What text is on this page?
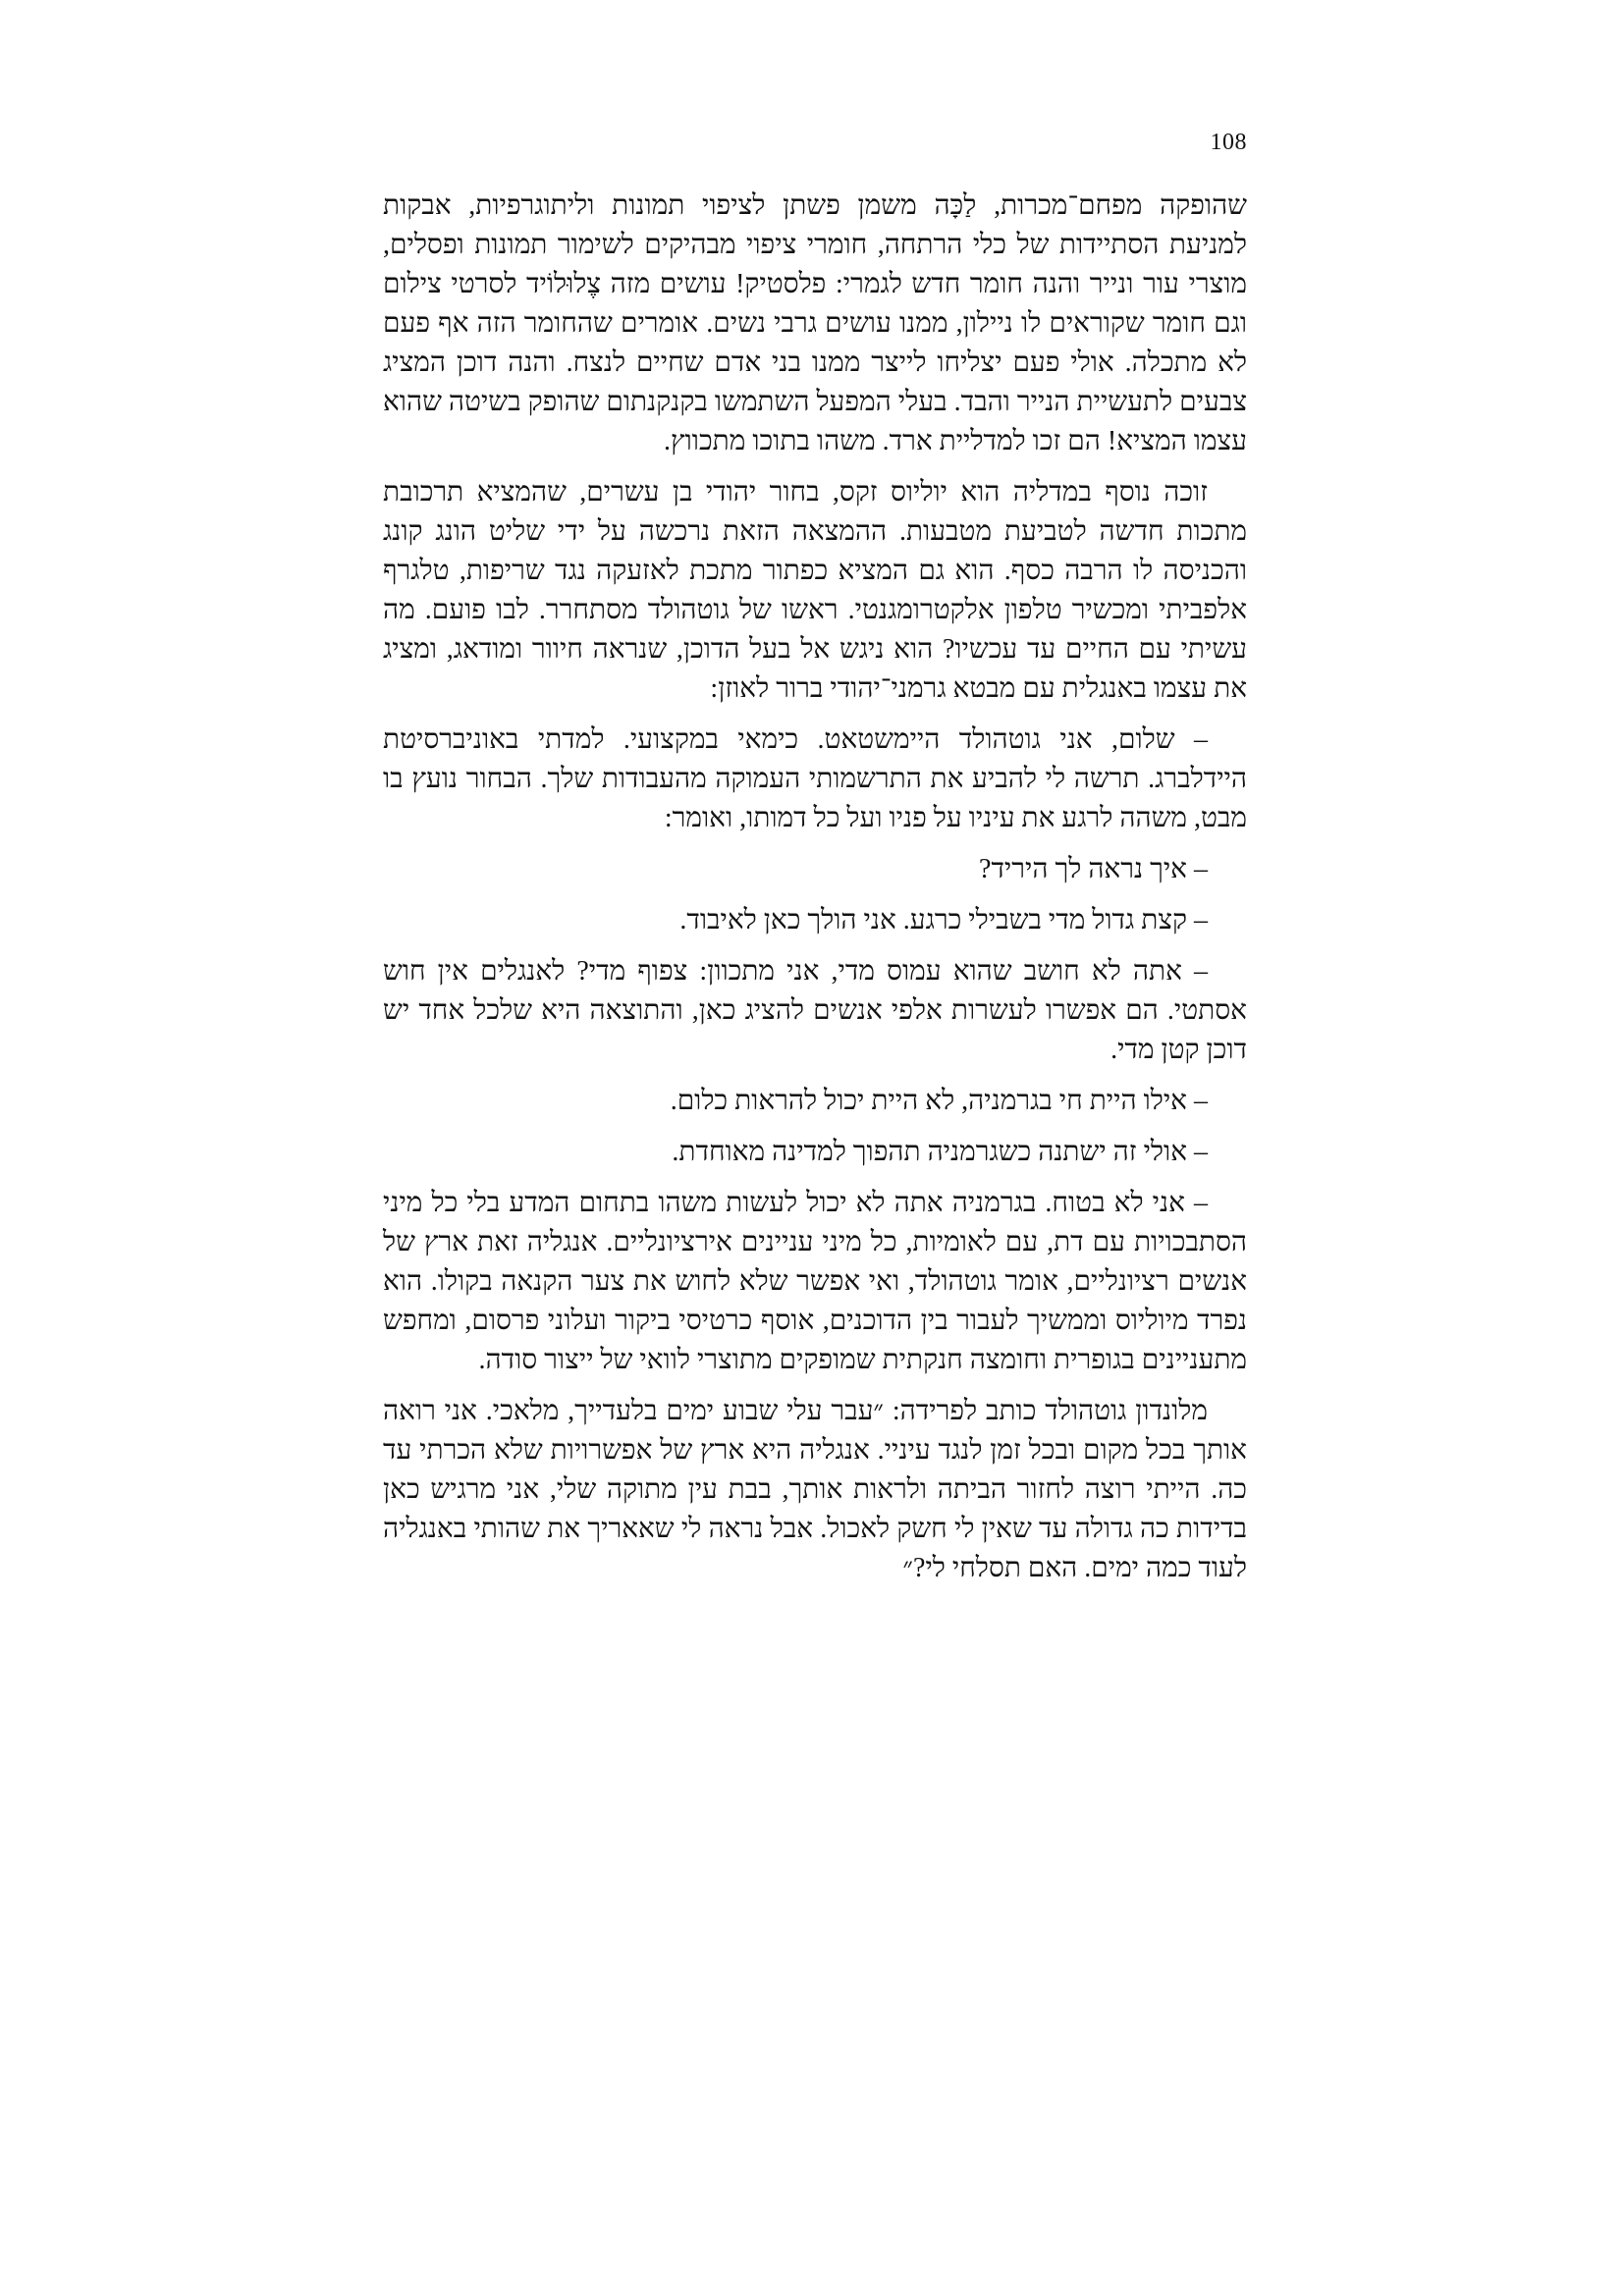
108

שהופקה מפחם־מכרות, לַכָּה משמן פשתן לציפוי תמונות וליתוגרפיות, אבקות למניעת הסתיידות של כלי הרתחה, חומרי ציפוי מבהיקים לשימור תמונות ופסלים, מוצרי עור ונייר והנה חומר חדש לגמרי: פלסטיק! עושים מזה צֶלוּלוֹיד לסרטי צילום וגם חומר שקוראים לו ניילון, ממנו עושים גרבי נשים. אומרים שהחומר הזה אף פעם לא מתכלה. אולי פעם יצליחו לייצר ממנו בני אדם שחיים לנצח. והנה דוכן המציג צבעים לתעשיית הנייר והבד. בעלי המפעל השתמשו בקנקנתום שהופק בשיטה שהוא עצמו המציא! הם זכו למדליית ארד. משהו בתוכו מתכווץ.

זוכה נוסף במדליה הוא יוליוס זקס, בחור יהודי בן עשרים, שהמציא תרכובת מתכות חדשה לטביעת מטבעות. ההמצאה הזאת נרכשה על ידי שליט הונג קונג והכניסה לו הרבה כסף. הוא גם המציא כפתור מתכת לאזעקה נגד שריפות, טלגרף אלפביתי ומכשיר טלפון אלקטרומגנטי. ראשו של גוטהולד מסתחרר. לבו פועם. מה עשיתי עם החיים עד עכשיו? הוא ניגש אל בעל הדוכן, שנראה חיוור ומודאג, ומציג את עצמו באנגלית עם מבטא גרמני־יהודי ברור לאוזן:

– שלום, אני גוטהולד היימשטאט. כימאי במקצועי. למדתי באוניברסיטת היידלברג. תרשה לי להביע את התרשמותי העמוקה מהעבודות שלך. הבחור נועץ בו מבט, משהה לרגע את עיניו על פניו ועל כל דמותו, ואומר:

– איך נראה לך היריד?

– קצת גדול מדי בשבילי כרגע. אני הולך כאן לאיבוד.

– אתה לא חושב שהוא עמוס מדי, אני מתכוון: צפוף מדי? לאנגלים אין חוש אסתטי. הם אפשרו לעשרות אלפי אנשים להציג כאן, והתוצאה היא שלכל אחד יש דוכן קטן מדי.

– אילו היית חי בגרמניה, לא היית יכול להראות כלום.

– אולי זה ישתנה כשגרמניה תהפוך למדינה מאוחדת.

– אני לא בטוח. בגרמניה אתה לא יכול לעשות משהו בתחום המדע בלי כל מיני הסתבכויות עם דת, עם לאומיות, כל מיני עניינים אירציונליים. אנגליה זאת ארץ של אנשים רציונליים, אומר גוטהולד, ואי אפשר שלא לחוש את צער הקנאה בקולו. הוא נפרד מיוליוס וממשיך לעבור בין הדוכנים, אוסף כרטיסי ביקור ועלוני פרסום, ומחפש מתעניינים בגופרית וחומצה חנקתית שמופקים מתוצרי לוואי של ייצור סודה.

מלונדון גוטהולד כותב לפרידה: ״עבר עלי שבוע ימים בלעדייך, מלאכי. אני רואה אותך בכל מקום ובכל זמן לנגד עיניי. אנגליה היא ארץ של אפשרויות שלא הכרתי עד כה. הייתי רוצה לחזור הביתה ולראות אותך, בבת עין מתוקה שלי, אני מרגיש כאן בדידות כה גדולה עד שאין לי חשק לאכול. אבל נראה לי שאאריך את שהותי באנגליה לעוד כמה ימים. האם תסלחי לי?״
